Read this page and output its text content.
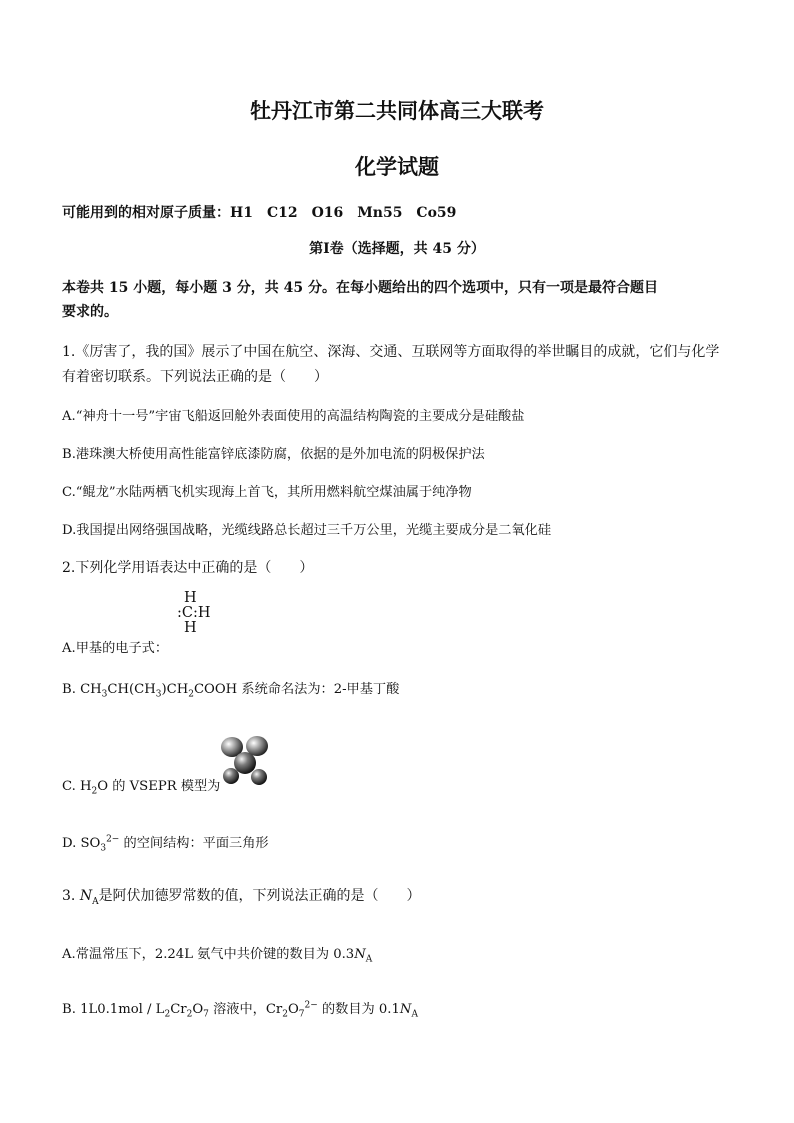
牡丹江市第二共同体高三大联考
化学试题
可能用到的相对原子质量：H1　C12　O16　Mn55　Co59
第Ⅰ卷（选择题，共 45 分）
本卷共 15 小题，每小题 3 分，共 45 分。在每小题给出的四个选项中，只有一项是最符合题目
要求的。
1.《厉害了，我的国》展示了中国在航空、深海、交通、互联网等方面取得的举世瞩目的成就，它们与化学
有着密切联系。下列说法正确的是（　　）
A.“神舟十一号”宇宙飞船返回舱外表面使用的高温结构陶瓷的主要成分是硅酸盐
B.港珠澳大桥使用高性能富锌底漆防腐，依据的是外加电流的阴极保护法
C.“鲲龙”水陆两栖飞机实现海上首飞，其所用燃料航空煤油属于纯净物
D.我国提出网络强国战略，光缆线路总长超过三千万公里，光缆主要成分是二氧化硅
2.下列化学用语表达中正确的是（　　）
H
:C:H
H
A.甲基的电子式：
B. $CH_3CH(CH_3)CH_2COOH$ 系统命名法为：2-甲基丁酸
C. $H_2O$ 的 VSEPR 模型为
D. $SO_3^{2-}$ 的空间结构：平面三角形
3. $N_A$是阿伏加德罗常数的值，下列说法正确的是（　　）
A.常温常压下，2.24L 氨气中共价键的数目为 $0.3N_A$
B. $1L0.1mol / L_2Cr_2O_7$ 溶液中，$Cr_2O_7^{2-}$ 的数目为 $0.1N_A$
